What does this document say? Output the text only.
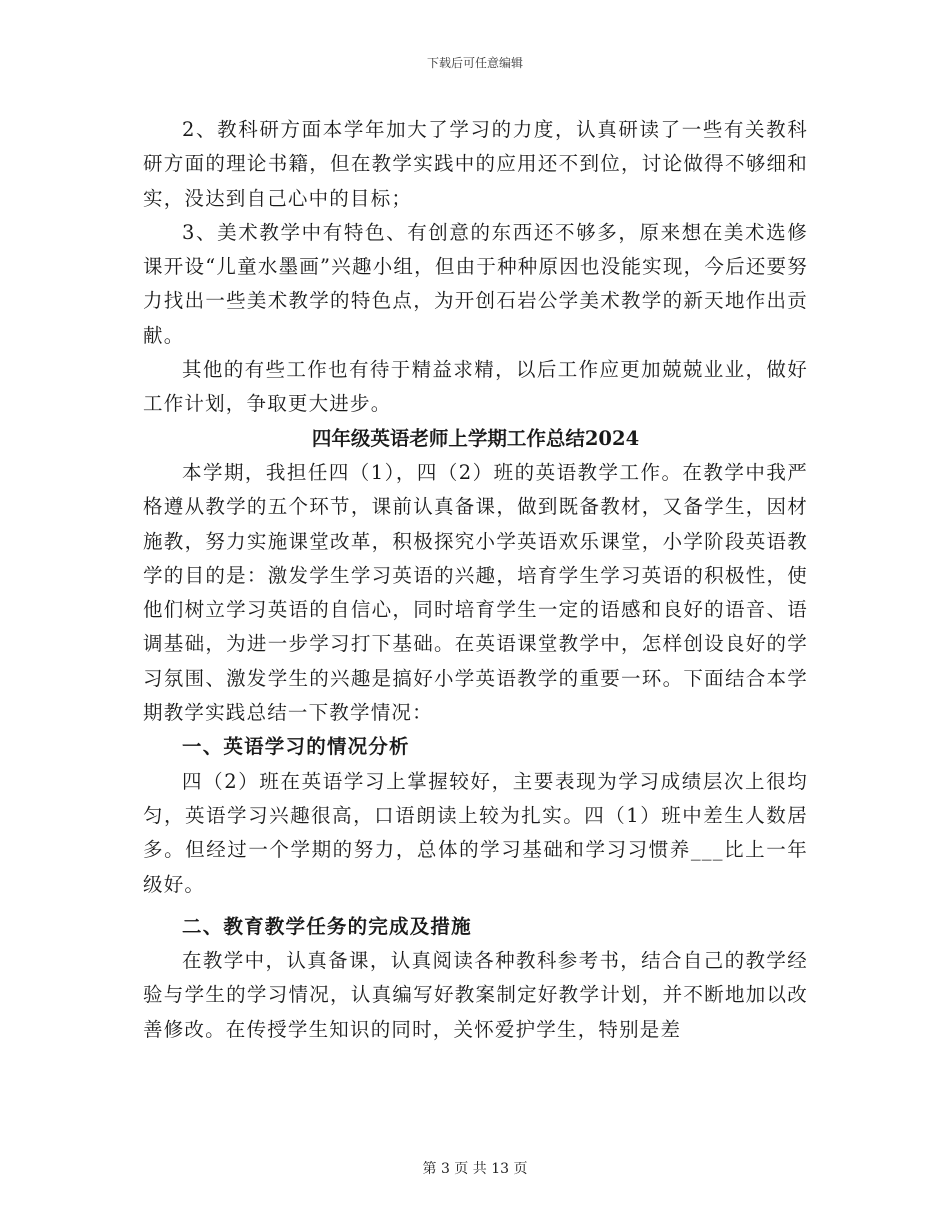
下载后可任意编辑

2、教科研方面本学年加大了学习的力度，认真研读了一些有关教科研方面的理论书籍，但在教学实践中的应用还不到位，讨论做得不够细和实，没达到自己心中的目标；

3、美术教学中有特色、有创意的东西还不够多，原来想在美术选修课开设“儿童水墨画”兴趣小组，但由于种种原因也没能实现，今后还要努力找出一些美术教学的特色点，为开创石岩公学美术教学的新天地作出贡献。

其他的有些工作也有待于精益求精，以后工作应更加兢兢业业，做好工作计划，争取更大进步。

四年级英语老师上学期工作总结2024

本学期，我担任四（1），四（2）班的英语教学工作。在教学中我严格遵从教学的五个环节，课前认真备课，做到既备教材，又备学生，因材施教，努力实施课堂改革，积极探究小学英语欢乐课堂，小学阶段英语教学的目的是：激发学生学习英语的兴趣，培育学生学习英语的积极性，使他们树立学习英语的自信心，同时培育学生一定的语感和良好的语音、语调基础，为进一步学习打下基础。在英语课堂教学中，怎样创设良好的学习氛围、激发学生的兴趣是搞好小学英语教学的重要一环。下面结合本学期教学实践总结一下教学情况：

一、英语学习的情况分析

四（2）班在英语学习上掌握较好，主要表现为学习成绩层次上很均匀，英语学习兴趣很高，口语朗读上较为扎实。四（1）班中差生人数居多。但经过一个学期的努力，总体的学习基础和学习习惯养___比上一年级好。

二、教育教学任务的完成及措施

在教学中，认真备课，认真阅读各种教科参考书，结合自己的教学经验与学生的学习情况，认真编写好教案制定好教学计划，并不断地加以改善修改。在传授学生知识的同时，关怀爱护学生，特别是差

第 3 页 共 13 页
